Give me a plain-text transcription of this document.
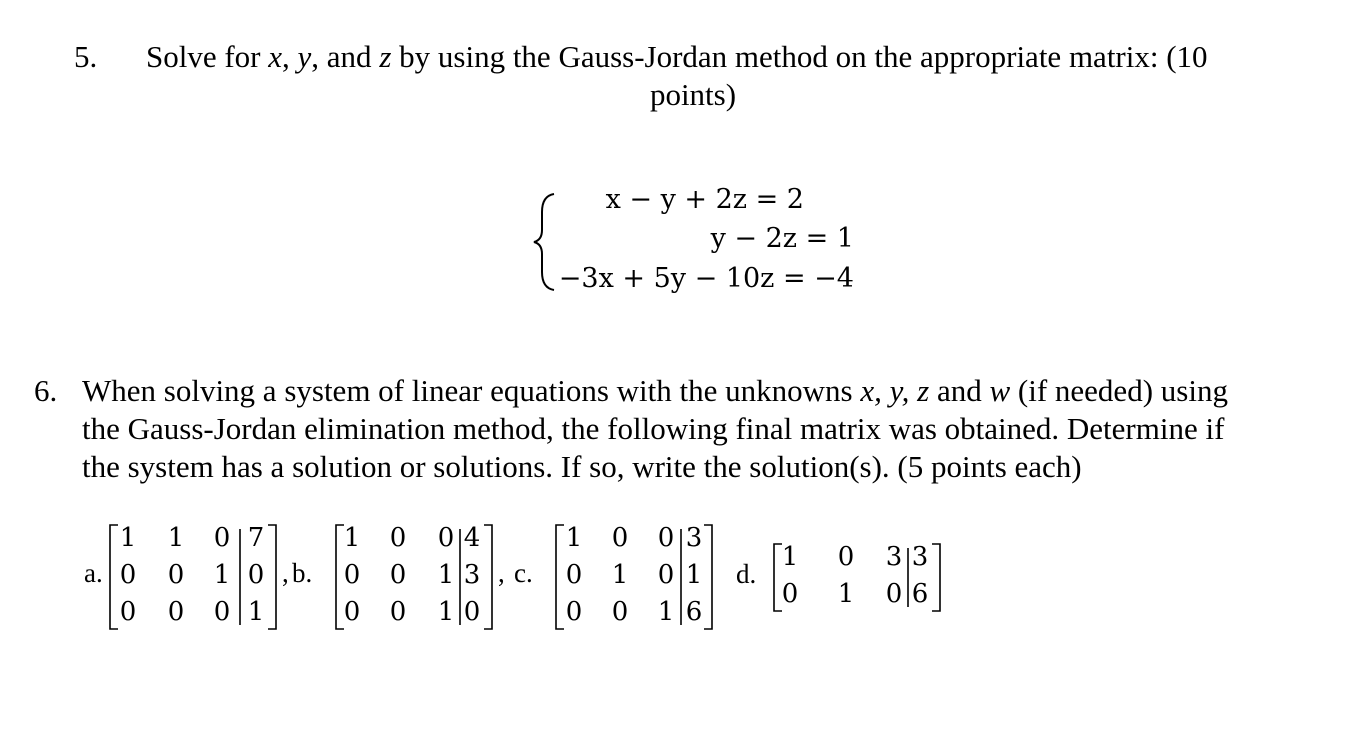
5. Solve for x, y, and z by using the Gauss-Jordan method on the appropriate matrix: (10
points)
x − y + 2z = 2
y − 2z = 1
−3x + 5y − 10z = −4
6. When solving a system of linear equations with the unknowns x, y, z and w (if needed) using
the Gauss-Jordan elimination method, the following final matrix was obtained. Determine if
the system has a solution or solutions. If so, write the solution(s). (5 points each)
a.
1 1 0 7
0 0 1 0
0 0 0 1
, b.
1 0 0 4
0 0 1 3
0 0 1 0
, c.
1 0 0 3
0 1 0 1
0 0 1 6
d.
1 0 3 3
0 1 0 6
